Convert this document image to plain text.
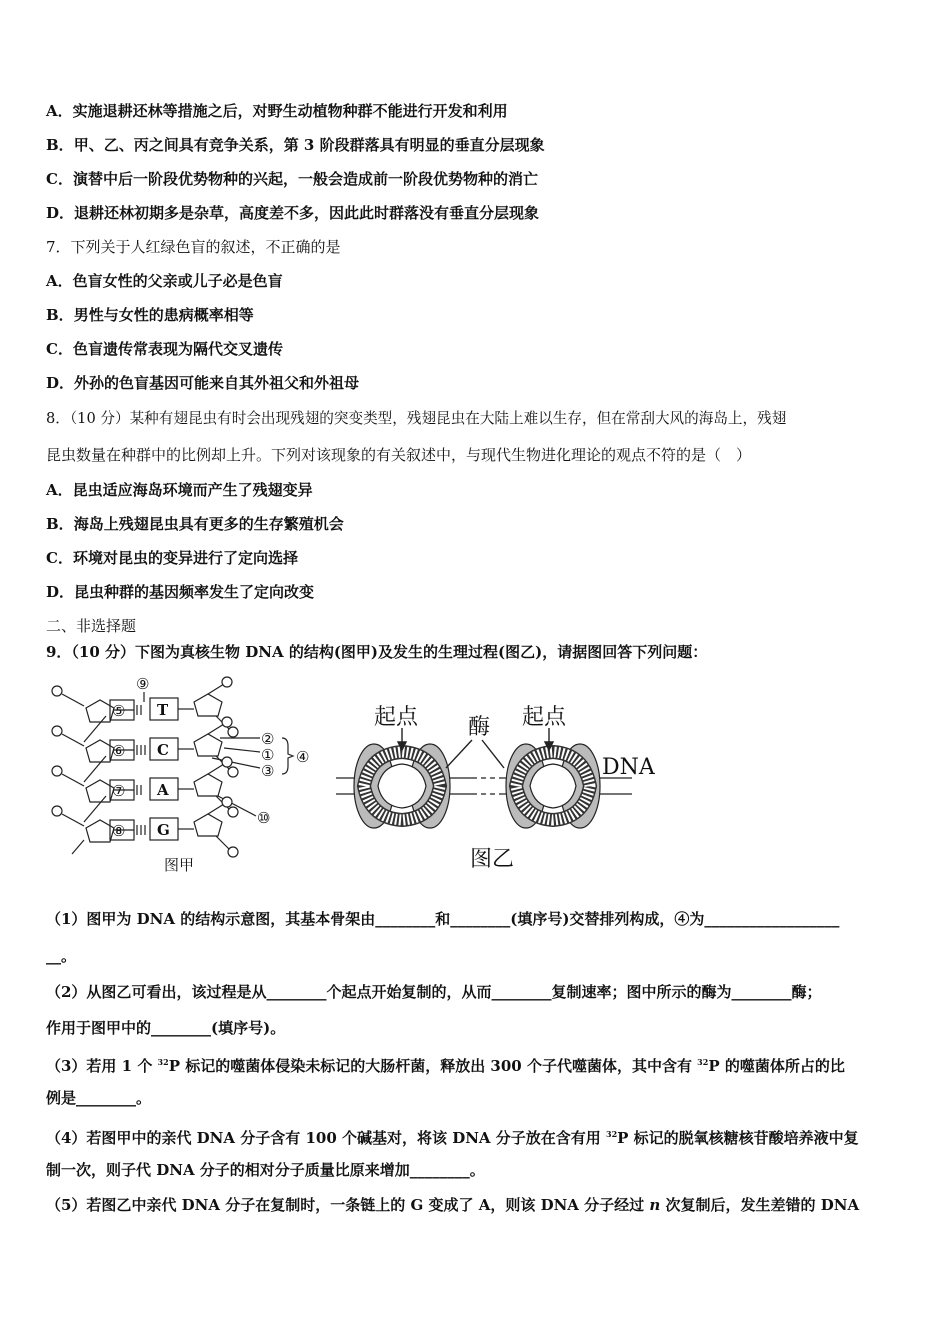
A．实施退耕还林等措施之后，对野生动植物种群不能进行开发和利用
B．甲、乙、丙之间具有竞争关系，第 3 阶段群落具有明显的垂直分层现象
C．演替中后一阶段优势物种的兴起，一般会造成前一阶段优势物种的消亡
D．退耕还林初期多是杂草，高度差不多，因此此时群落没有垂直分层现象
7．下列关于人红绿色盲的叙述，不正确的是
A．色盲女性的父亲或儿子必是色盲
B．男性与女性的患病概率相等
C．色盲遗传常表现为隔代交叉遗传
D．外孙的色盲基因可能来自其外祖父和外祖母
8．（10 分）某种有翅昆虫有时会出现残翅的突变类型，残翅昆虫在大陆上难以生存，但在常刮大风的海岛上，残翅
昆虫数量在种群中的比例却上升。下列对该现象的有关叙述中，与现代生物进化理论的观点不符的是（　）
A．昆虫适应海岛环境而产生了残翅变异
B．海岛上残翅昆虫具有更多的生存繁殖机会
C．环境对昆虫的变异进行了定向选择
D．昆虫种群的基因频率发生了定向改变
二、非选择题
9．（10 分）下图为真核生物 DNA 的结构(图甲)及发生的生理过程(图乙)，请据图回答下列问题：
⑤
⑥
⑦
⑧
T
C
A
G
⑨
②
①
③
④
⑩
图甲
起点 酶 起点
DNA
图乙
（1）图甲为 DNA 的结构示意图，其基本骨架由________和________(填序号)交替排列构成，④为__________________
__。
（2）从图乙可看出，该过程是从________个起点开始复制的，从而________复制速率；图中所示的酶为________酶；
作用于图甲中的________(填序号)。
（3）若用 1 个 $^{32}$P 标记的噬菌体侵染未标记的大肠杆菌，释放出 300 个子代噬菌体，其中含有 $^{32}$P 的噬菌体所占的比
例是________。
（4）若图甲中的亲代 DNA 分子含有 100 个碱基对，将该 DNA 分子放在含有用 $^{32}$P 标记的脱氧核糖核苷酸培养液中复
制一次，则子代 DNA 分子的相对分子质量比原来增加________。
（5）若图乙中亲代 DNA 分子在复制时，一条链上的 G 变成了 A，则该 DNA 分子经过 n 次复制后，发生差错的 DNA
